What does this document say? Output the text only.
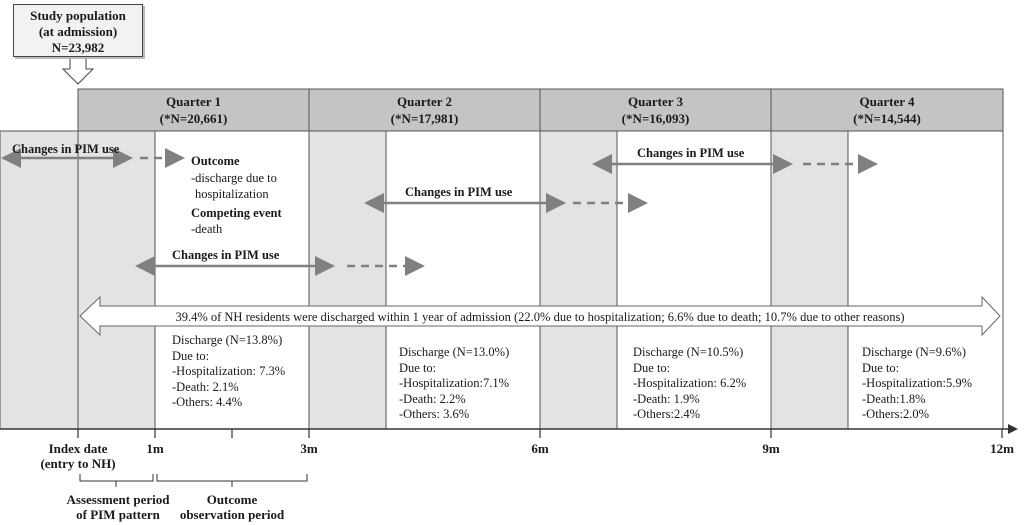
Study population
(at admission)
N=23,982
Quarter 1
(*N=20,661)
Quarter 2
(*N=17,981)
Quarter 3
(*N=16,093)
Quarter 4
(*N=14,544)
Changes in PIM use
Changes in PIM use
Changes in PIM use
Changes in PIM use
Outcome
-discharge due to
hospitalization
Competing event
-death
39.4% of NH residents were discharged within 1 year of admission (22.0% due to hospitalization; 6.6% due to death; 10.7% due to other reasons)
Discharge (N=13.8%)
Due to:
-Hospitalization: 7.3%
-Death: 2.1%
-Others: 4.4%
Discharge (N=13.0%)
Due to:
-Hospitalization:7.1%
-Death: 2.2%
-Others: 3.6%
Discharge (N=10.5%)
Due to:
-Hospitalization: 6.2%
-Death: 1.9%
-Others:2.4%
Discharge (N=9.6%)
Due to:
-Hospitalization:5.9%
-Death:1.8%
-Others:2.0%
Index date
(entry to NH)
1m	3m	6m	9m	12m
Assessment period
of PIM pattern
Outcome
observation period
